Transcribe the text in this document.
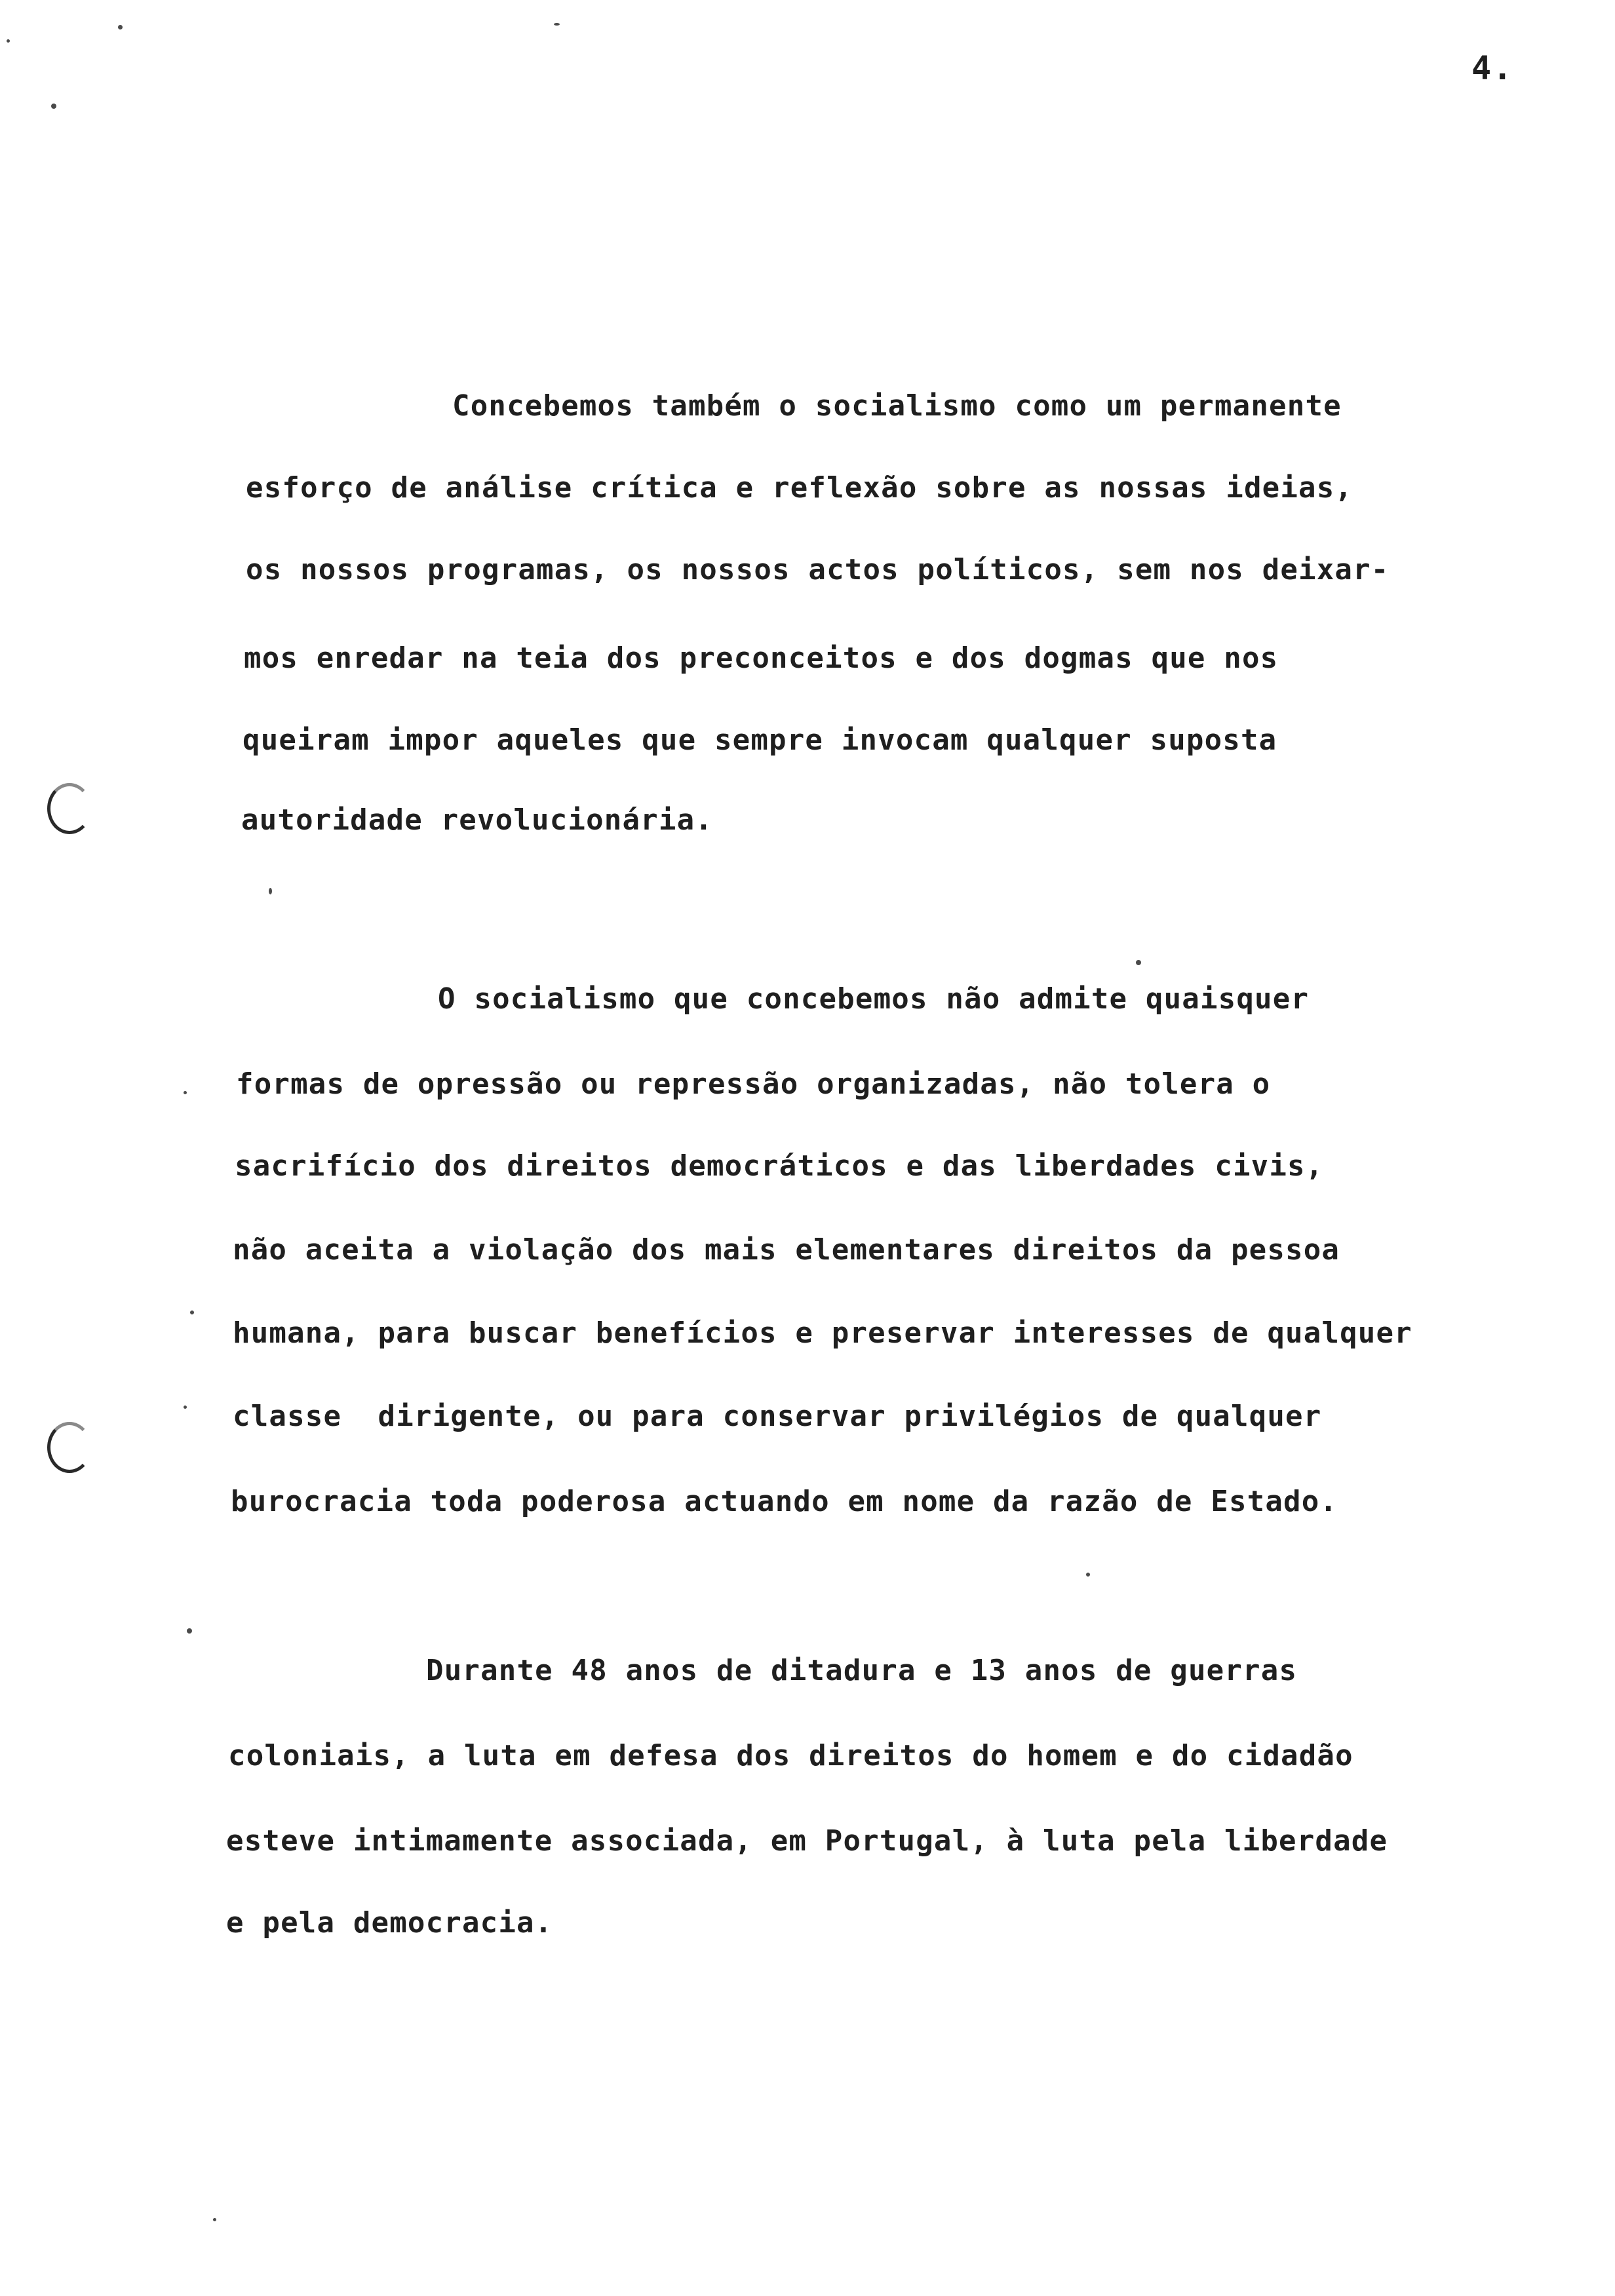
4.
Concebemos também o socialismo como um permanente
esforço de análise crítica e reflexão sobre as nossas ideias,
os nossos programas, os nossos actos políticos, sem nos deixar-
mos enredar na teia dos preconceitos e dos dogmas que nos
queiram impor aqueles que sempre invocam qualquer suposta
autoridade revolucionária.
O socialismo que concebemos não admite quaisquer
formas de opressão ou repressão organizadas, não tolera o
sacrifício dos direitos democráticos e das liberdades civis,
não aceita a violação dos mais elementares direitos da pessoa
humana, para buscar benefícios e preservar interesses de qualquer
classe  dirigente, ou para conservar privilégios de qualquer
burocracia toda poderosa actuando em nome da razão de Estado.
Durante 48 anos de ditadura e 13 anos de guerras
coloniais, a luta em defesa dos direitos do homem e do cidadão
esteve intimamente associada, em Portugal, à luta pela liberdade
e pela democracia.
